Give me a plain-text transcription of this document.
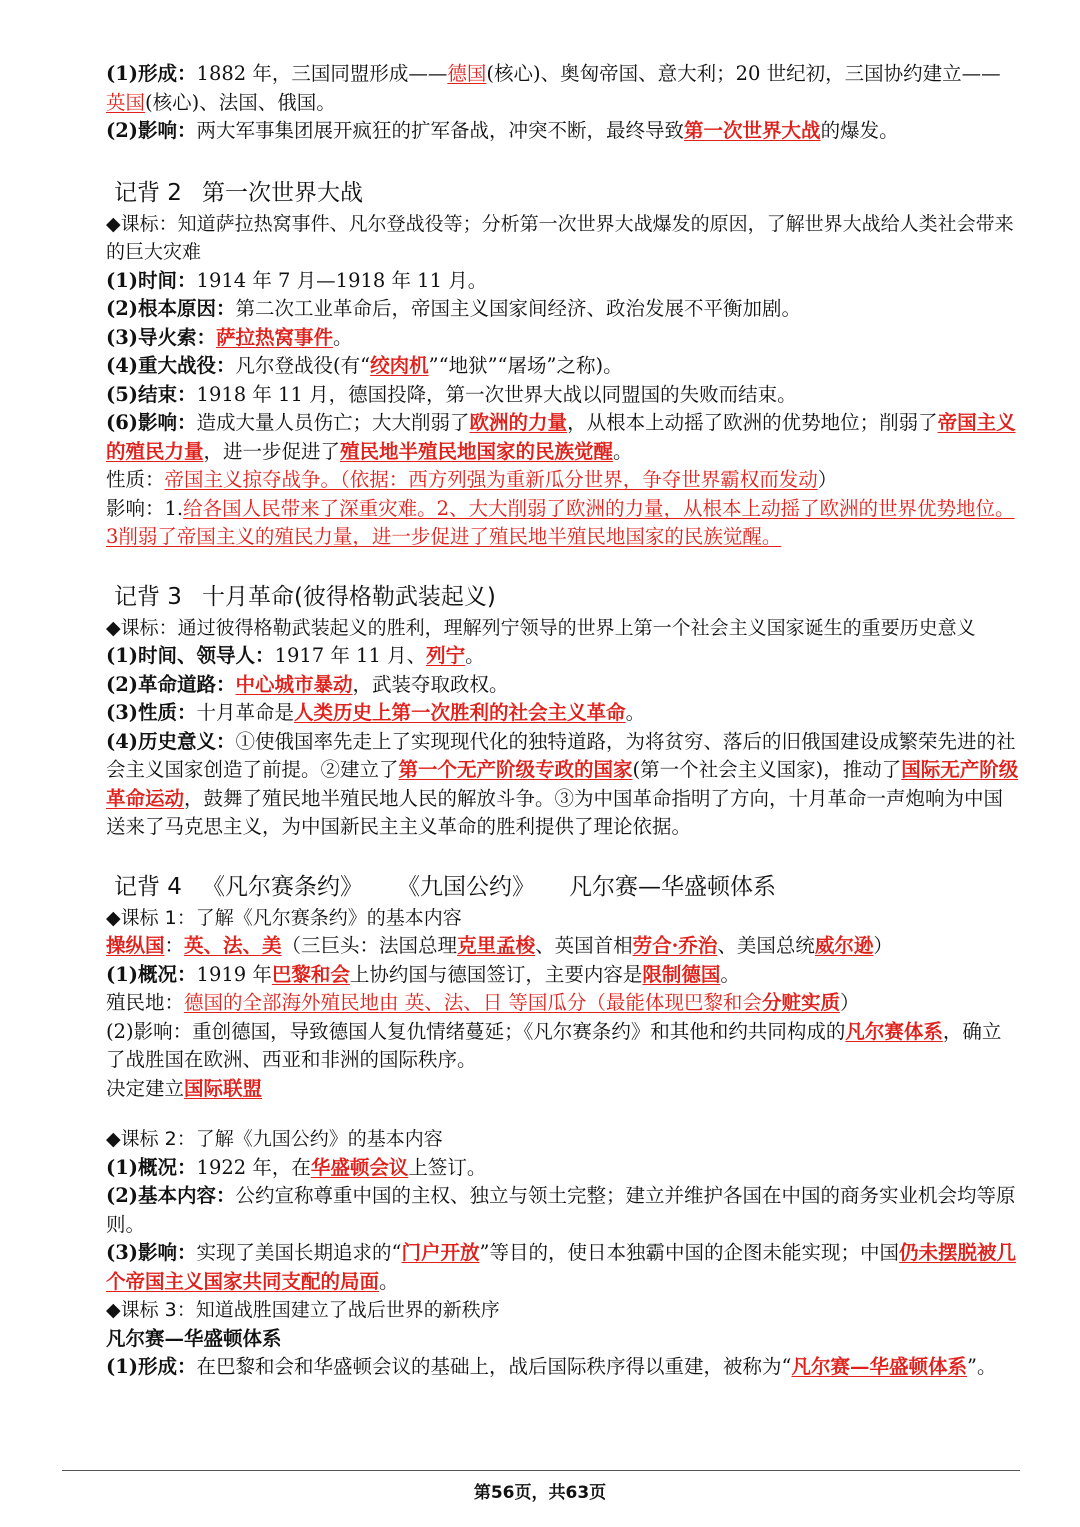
(1)形成：1882 年，三国同盟形成——德国(核心)、奥匈帝国、意大利；20 世纪初，三国协约建立——英国(核心)、法国、俄国。

(2)影响：两大军事集团展开疯狂的扩军备战，冲突不断，最终导致第一次世界大战的爆发。

记背 2 第一次世界大战

◆课标：知道萨拉热窝事件、凡尔登战役等；分析第一次世界大战爆发的原因，了解世界大战给人类社会带来的巨大灾难

(1)时间：1914 年 7 月—1918 年 11 月。

(2)根本原因：第二次工业革命后，帝国主义国家间经济、政治发展不平衡加剧。

(3)导火索：萨拉热窝事件。

(4)重大战役：凡尔登战役(有“绞肉机”“地狱”“屠场”之称)。

(5)结束：1918 年 11 月，德国投降，第一次世界大战以同盟国的失败而结束。

(6)影响：造成大量人员伤亡；大大削弱了欧洲的力量，从根本上动摇了欧洲的优势地位；削弱了帝国主义的殖民力量，进一步促进了殖民地半殖民地国家的民族觉醒。

性质：帝国主义掠夺战争。（依据：西方列强为重新瓜分世界，争夺世界霸权而发动）

影响：1.给各国人民带来了深重灾难。2、大大削弱了欧洲的力量，从根本上动摇了欧洲的世界优势地位。3削弱了帝国主义的殖民力量，进一步促进了殖民地半殖民地国家的民族觉醒。

记背 3 十月革命(彼得格勒武装起义)

◆课标：通过彼得格勒武装起义的胜利，理解列宁领导的世界上第一个社会主义国家诞生的重要历史意义

(1)时间、领导人：1917 年 11 月、列宁。

(2)革命道路：中心城市暴动，武装夺取政权。

(3)性质：十月革命是人类历史上第一次胜利的社会主义革命。

(4)历史意义：①使俄国率先走上了实现现代化的独特道路，为将贫穷、落后的旧俄国建设成繁荣先进的社会主义国家创造了前提。②建立了第一个无产阶级专政的国家(第一个社会主义国家)，推动了国际无产阶级革命运动，鼓舞了殖民地半殖民地人民的解放斗争。③为中国革命指明了方向，十月革命一声炮响为中国送来了马克思主义，为中国新民主主义革命的胜利提供了理论依据。

记背 4 《凡尔赛条约》 《九国公约》 凡尔赛—华盛顿体系

◆课标 1：了解《凡尔赛条约》的基本内容

操纵国：英、法、美（三巨头：法国总理克里孟梭、英国首相劳合·乔治、美国总统威尔逊）

(1)概况：1919 年巴黎和会上协约国与德国签订，主要内容是限制德国。

殖民地：德国的全部海外殖民地由 英、法、日 等国瓜分（最能体现巴黎和会分赃实质）

(2)影响：重创德国，导致德国人复仇情绪蔓延；《凡尔赛条约》和其他和约共同构成的凡尔赛体系，确立了战胜国在欧洲、西亚和非洲的国际秩序。

决定建立国际联盟

◆课标 2：了解《九国公约》的基本内容

(1)概况：1922 年，在华盛顿会议上签订。

(2)基本内容：公约宣称尊重中国的主权、独立与领土完整；建立并维护各国在中国的商务实业机会均等原则。

(3)影响：实现了美国长期追求的“门户开放”等目的，使日本独霸中国的企图未能实现；中国仍未摆脱被几个帝国主义国家共同支配的局面。

◆课标 3：知道战胜国建立了战后世界的新秩序

凡尔赛—华盛顿体系

(1)形成：在巴黎和会和华盛顿会议的基础上，战后国际秩序得以重建，被称为“凡尔赛—华盛顿体系”。

第56页，共63页
